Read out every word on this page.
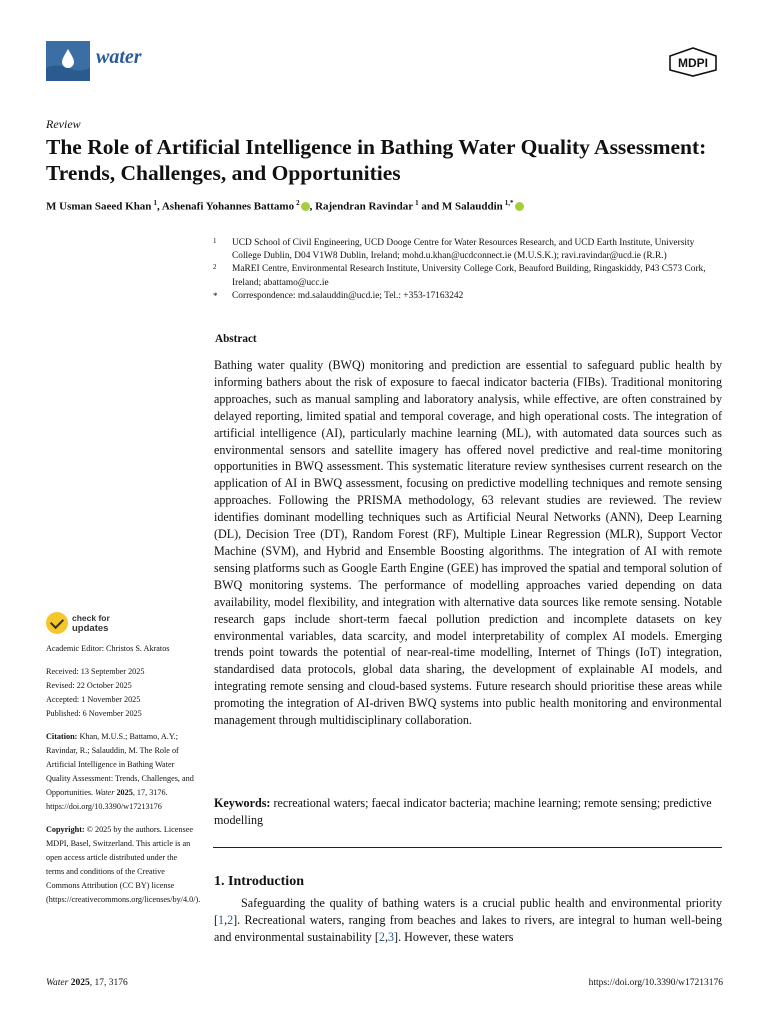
water	MDPI
Review
The Role of Artificial Intelligence in Bathing Water Quality Assessment: Trends, Challenges, and Opportunities
M Usman Saeed Khan $^1$, Ashenafi Yohannes Battamo $^2$ , Rajendran Ravindar $^1$ and M Salauddin $^{1,*}$
1 UCD School of Civil Engineering, UCD Dooge Centre for Water Resources Research, and UCD Earth Institute, University College Dublin, D04 V1W8 Dublin, Ireland; mohd.u.khan@ucdconnect.ie (M.U.S.K.); ravi.ravindar@ucd.ie (R.R.)
2 MaREI Centre, Environmental Research Institute, University College Cork, Beauford Building, Ringaskiddy, P43 C573 Cork, Ireland; abattamo@ucc.ie
* Correspondence: md.salauddin@ucd.ie; Tel.: +353-17163242
Abstract
Bathing water quality (BWQ) monitoring and prediction are essential to safeguard public health by informing bathers about the risk of exposure to faecal indicator bacteria (FIBs). Traditional monitoring approaches, such as manual sampling and laboratory analysis, while effective, are often constrained by delayed reporting, limited spatial and temporal coverage, and high operational costs. The integration of artificial intelligence (AI), particularly machine learning (ML), with automated data sources such as environmental sensors and satellite imagery has offered novel predictive and real-time monitoring opportunities in BWQ assessment. This systematic literature review synthesises current research on the application of AI in BWQ assessment, focusing on predictive modelling techniques and remote sensing approaches. Following the PRISMA methodology, 63 relevant studies are reviewed. The review identifies dominant modelling techniques such as Artificial Neural Networks (ANN), Deep Learning (DL), Decision Tree (DT), Random Forest (RF), Multiple Linear Regression (MLR), Support Vector Machine (SVM), and Hybrid and Ensemble Boosting algorithms. The integration of AI with remote sensing platforms such as Google Earth Engine (GEE) has improved the spatial and temporal solution of BWQ monitoring systems. The performance of modelling approaches varied depending on data availability, model flexibility, and integration with alternative data sources like remote sensing. Notable research gaps include short-term faecal pollution prediction and incomplete datasets on key environmental variables, data scarcity, and model interpretability of complex AI models. Emerging trends point towards the potential of near-real-time modelling, Internet of Things (IoT) integration, standardised data protocols, global data sharing, the development of explainable AI models, and integrating remote sensing and cloud-based systems. Future research should prioritise these areas while promoting the integration of AI-driven BWQ systems into public health monitoring and environmental management through multidisciplinary collaboration.
Keywords: recreational waters; faecal indicator bacteria; machine learning; remote sensing; predictive modelling
1. Introduction
Safeguarding the quality of bathing waters is a crucial public health and environmental priority [1,2]. Recreational waters, ranging from beaches and lakes to rivers, are integral to human well-being and environmental sustainability [2,3]. However, these waters
check for
updates
Academic Editor: Christos S. Akratos
Received: 13 September 2025
Revised: 22 October 2025
Accepted: 1 November 2025
Published: 6 November 2025
Citation: Khan, M.U.S.; Battamo, A.Y.; Ravindar, R.; Salauddin, M. The Role of Artificial Intelligence in Bathing Water Quality Assessment: Trends, Challenges, and Opportunities. Water 2025, 17, 3176. https://doi.org/10.3390/w17213176
Copyright: © 2025 by the authors. Licensee MDPI, Basel, Switzerland. This article is an open access article distributed under the terms and conditions of the Creative Commons Attribution (CC BY) license (https://creativecommons.org/licenses/by/4.0/).
Water 2025, 17, 3176	https://doi.org/10.3390/w17213176
